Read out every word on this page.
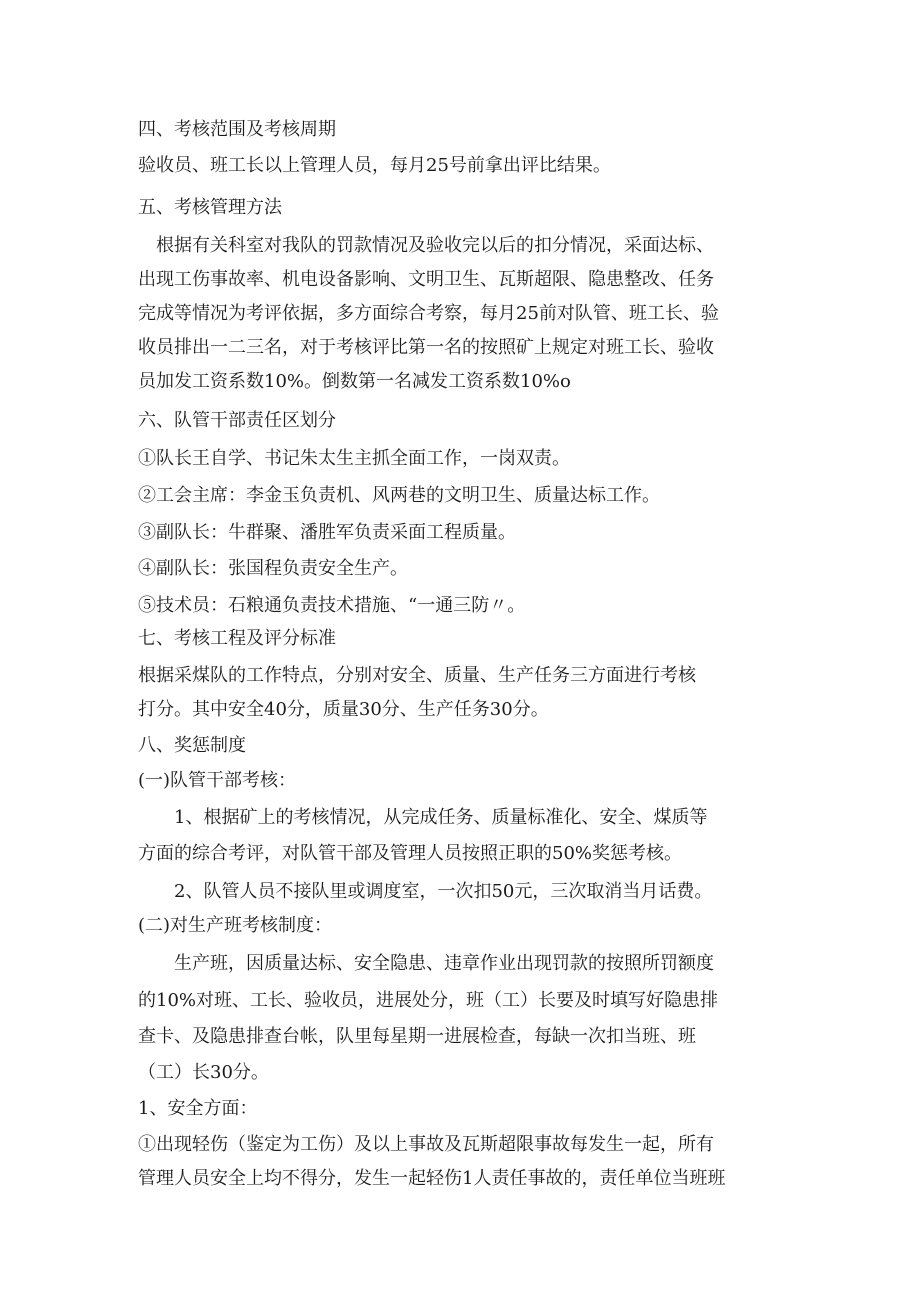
四、考核范围及考核周期
验收员、班工长以上管理人员，每月25号前拿出评比结果。
五、考核管理方法
　根据有关科室对我队的罚款情况及验收完以后的扣分情况，采面达标、
出现工伤事故率、机电设备影响、文明卫生、瓦斯超限、隐患整改、任务
完成等情况为考评依据，多方面综合考察，每月25前对队管、班工长、验
收员排出一二三名，对于考核评比第一名的按照矿上规定对班工长、验收
员加发工资系数10%。倒数第一名减发工资系数10%o
六、队管干部责任区划分
①队长王自学、书记朱太生主抓全面工作，一岗双责。
②工会主席：李金玉负责机、风两巷的文明卫生、质量达标工作。
③副队长：牛群聚、潘胜军负责采面工程质量。
④副队长：张国程负责安全生产。
⑤技术员：石粮通负责技术措施、“一通三防〃。
七、考核工程及评分标准
根据采煤队的工作特点，分别对安全、质量、生产任务三方面进行考核
打分。其中安全40分，质量30分、生产任务30分。
八、奖惩制度
(一)队管干部考核：
　　1、根据矿上的考核情况，从完成任务、质量标准化、安全、煤质等
方面的综合考评，对队管干部及管理人员按照正职的50%奖惩考核。
　　2、队管人员不接队里或调度室，一次扣50元，三次取消当月话费。
(二)对生产班考核制度：
　　生产班，因质量达标、安全隐患、违章作业出现罚款的按照所罚额度
的10%对班、工长、验收员，进展处分，班（工）长要及时填写好隐患排
查卡、及隐患排查台帐，队里每星期一进展检查，每缺一次扣当班、班
（工）长30分。
1、安全方面：
①出现轻伤（鉴定为工伤）及以上事故及瓦斯超限事故每发生一起，所有
管理人员安全上均不得分，发生一起轻伤1人责任事故的，责任单位当班班
